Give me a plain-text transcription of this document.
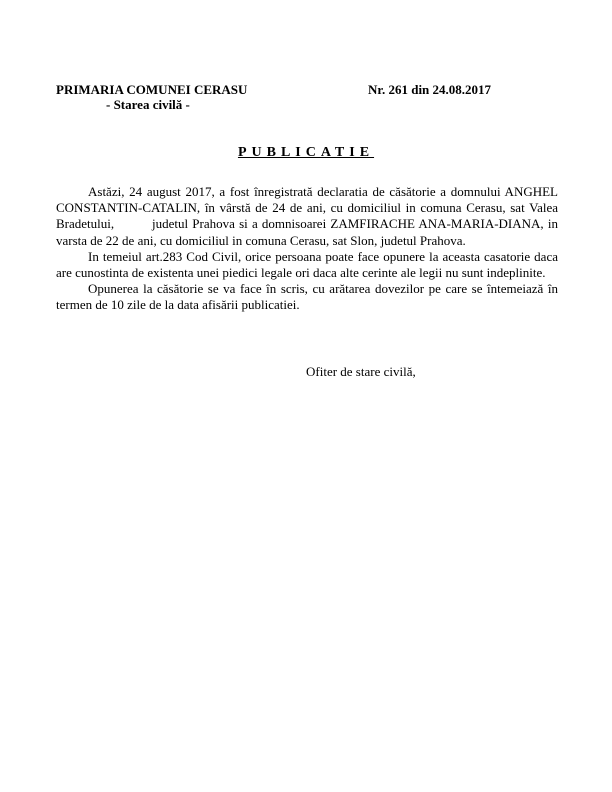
PRIMARIA COMUNEI CERASU
- Starea civilă -
Nr. 261 din 24.08.2017
PUBLICATIE

Astăzi, 24 august 2017, a fost înregistrată declaratia de căsătorie a domnului ANGHEL CONSTANTIN-CATALIN, în vârstă de 24 de ani, cu domiciliul in comuna Cerasu, sat Valea Bradetului,         judetul Prahova si a domnisoarei ZAMFIRACHE ANA-MARIA-DIANA, in varsta de 22 de ani, cu domiciliul in comuna Cerasu, sat Slon, judetul Prahova.

In temeiul art.283 Cod Civil, orice persoana poate face opunere la aceasta casatorie daca are cunostinta de existenta unei piedici legale ori daca alte cerinte ale legii nu sunt indeplinite.

Opunerea la căsătorie se va face în scris, cu arătarea dovezilor pe care se întemeiază în termen de 10 zile de la data afisării publicatiei.

Ofiter de stare civilă,
